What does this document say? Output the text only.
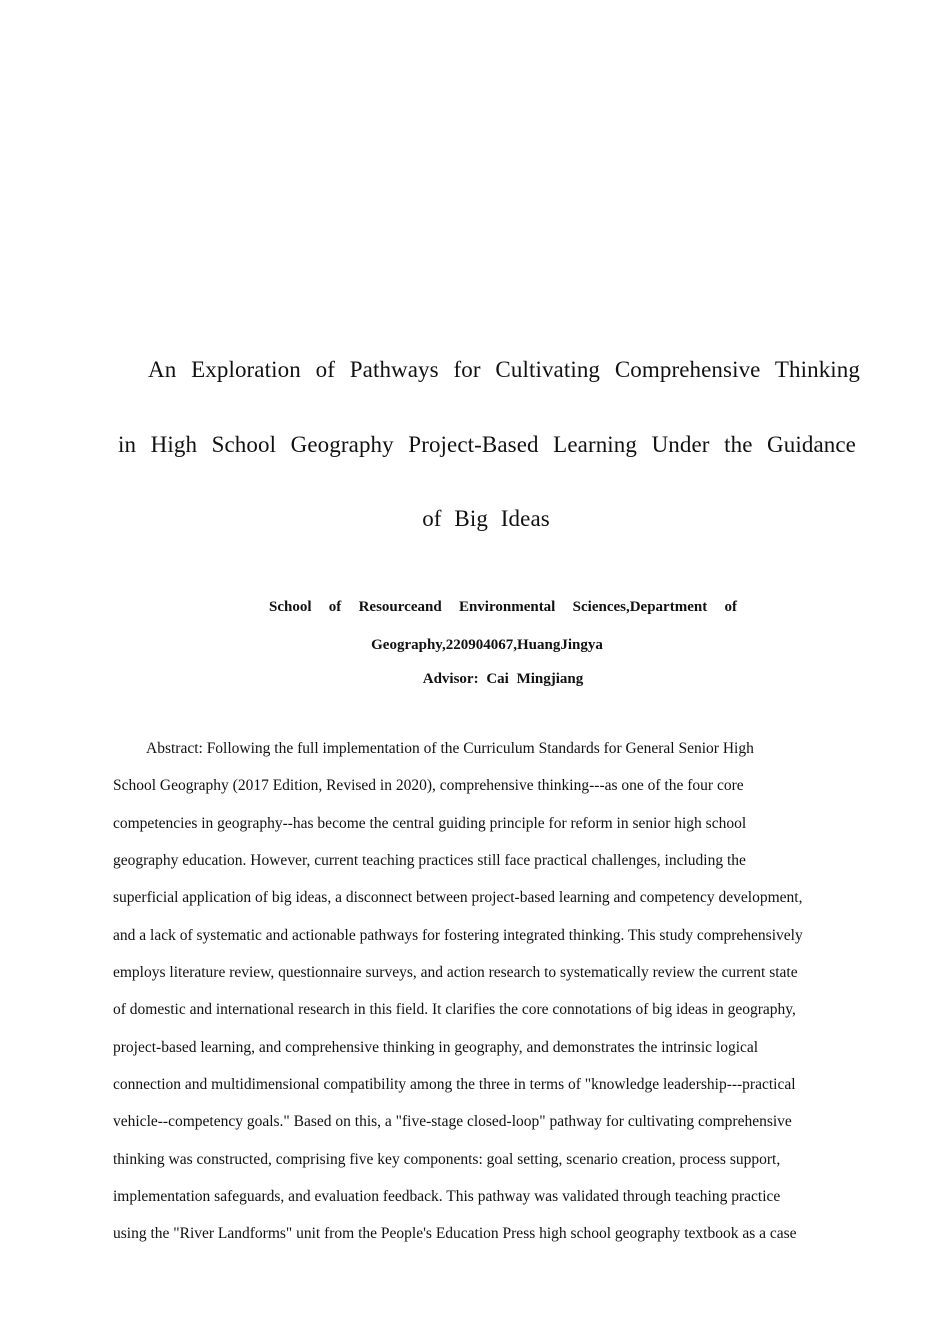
An Exploration of Pathways for Cultivating Comprehensive Thinking
in High School Geography Project-Based Learning Under the Guidance
of Big Ideas
School of Resourceand Environmental Sciences,Department of
Geography,220904067,HuangJingya
Advisor: Cai Mingjiang
Abstract: Following the full implementation of the Curriculum Standards for General Senior High
School Geography (2017 Edition, Revised in 2020), comprehensive thinking---as one of the four core
competencies in geography--has become the central guiding principle for reform in senior high school
geography education. However, current teaching practices still face practical challenges, including the
superficial application of big ideas, a disconnect between project-based learning and competency development,
and a lack of systematic and actionable pathways for fostering integrated thinking. This study comprehensively
employs literature review, questionnaire surveys, and action research to systematically review the current state
of domestic and international research in this field. It clarifies the core connotations of big ideas in geography,
project-based learning, and comprehensive thinking in geography, and demonstrates the intrinsic logical
connection and multidimensional compatibility among the three in terms of "knowledge leadership---practical
vehicle--competency goals." Based on this, a "five-stage closed-loop" pathway for cultivating comprehensive
thinking was constructed, comprising five key components: goal setting, scenario creation, process support,
implementation safeguards, and evaluation feedback. This pathway was validated through teaching practice
using the "River Landforms" unit from the People's Education Press high school geography textbook as a case
